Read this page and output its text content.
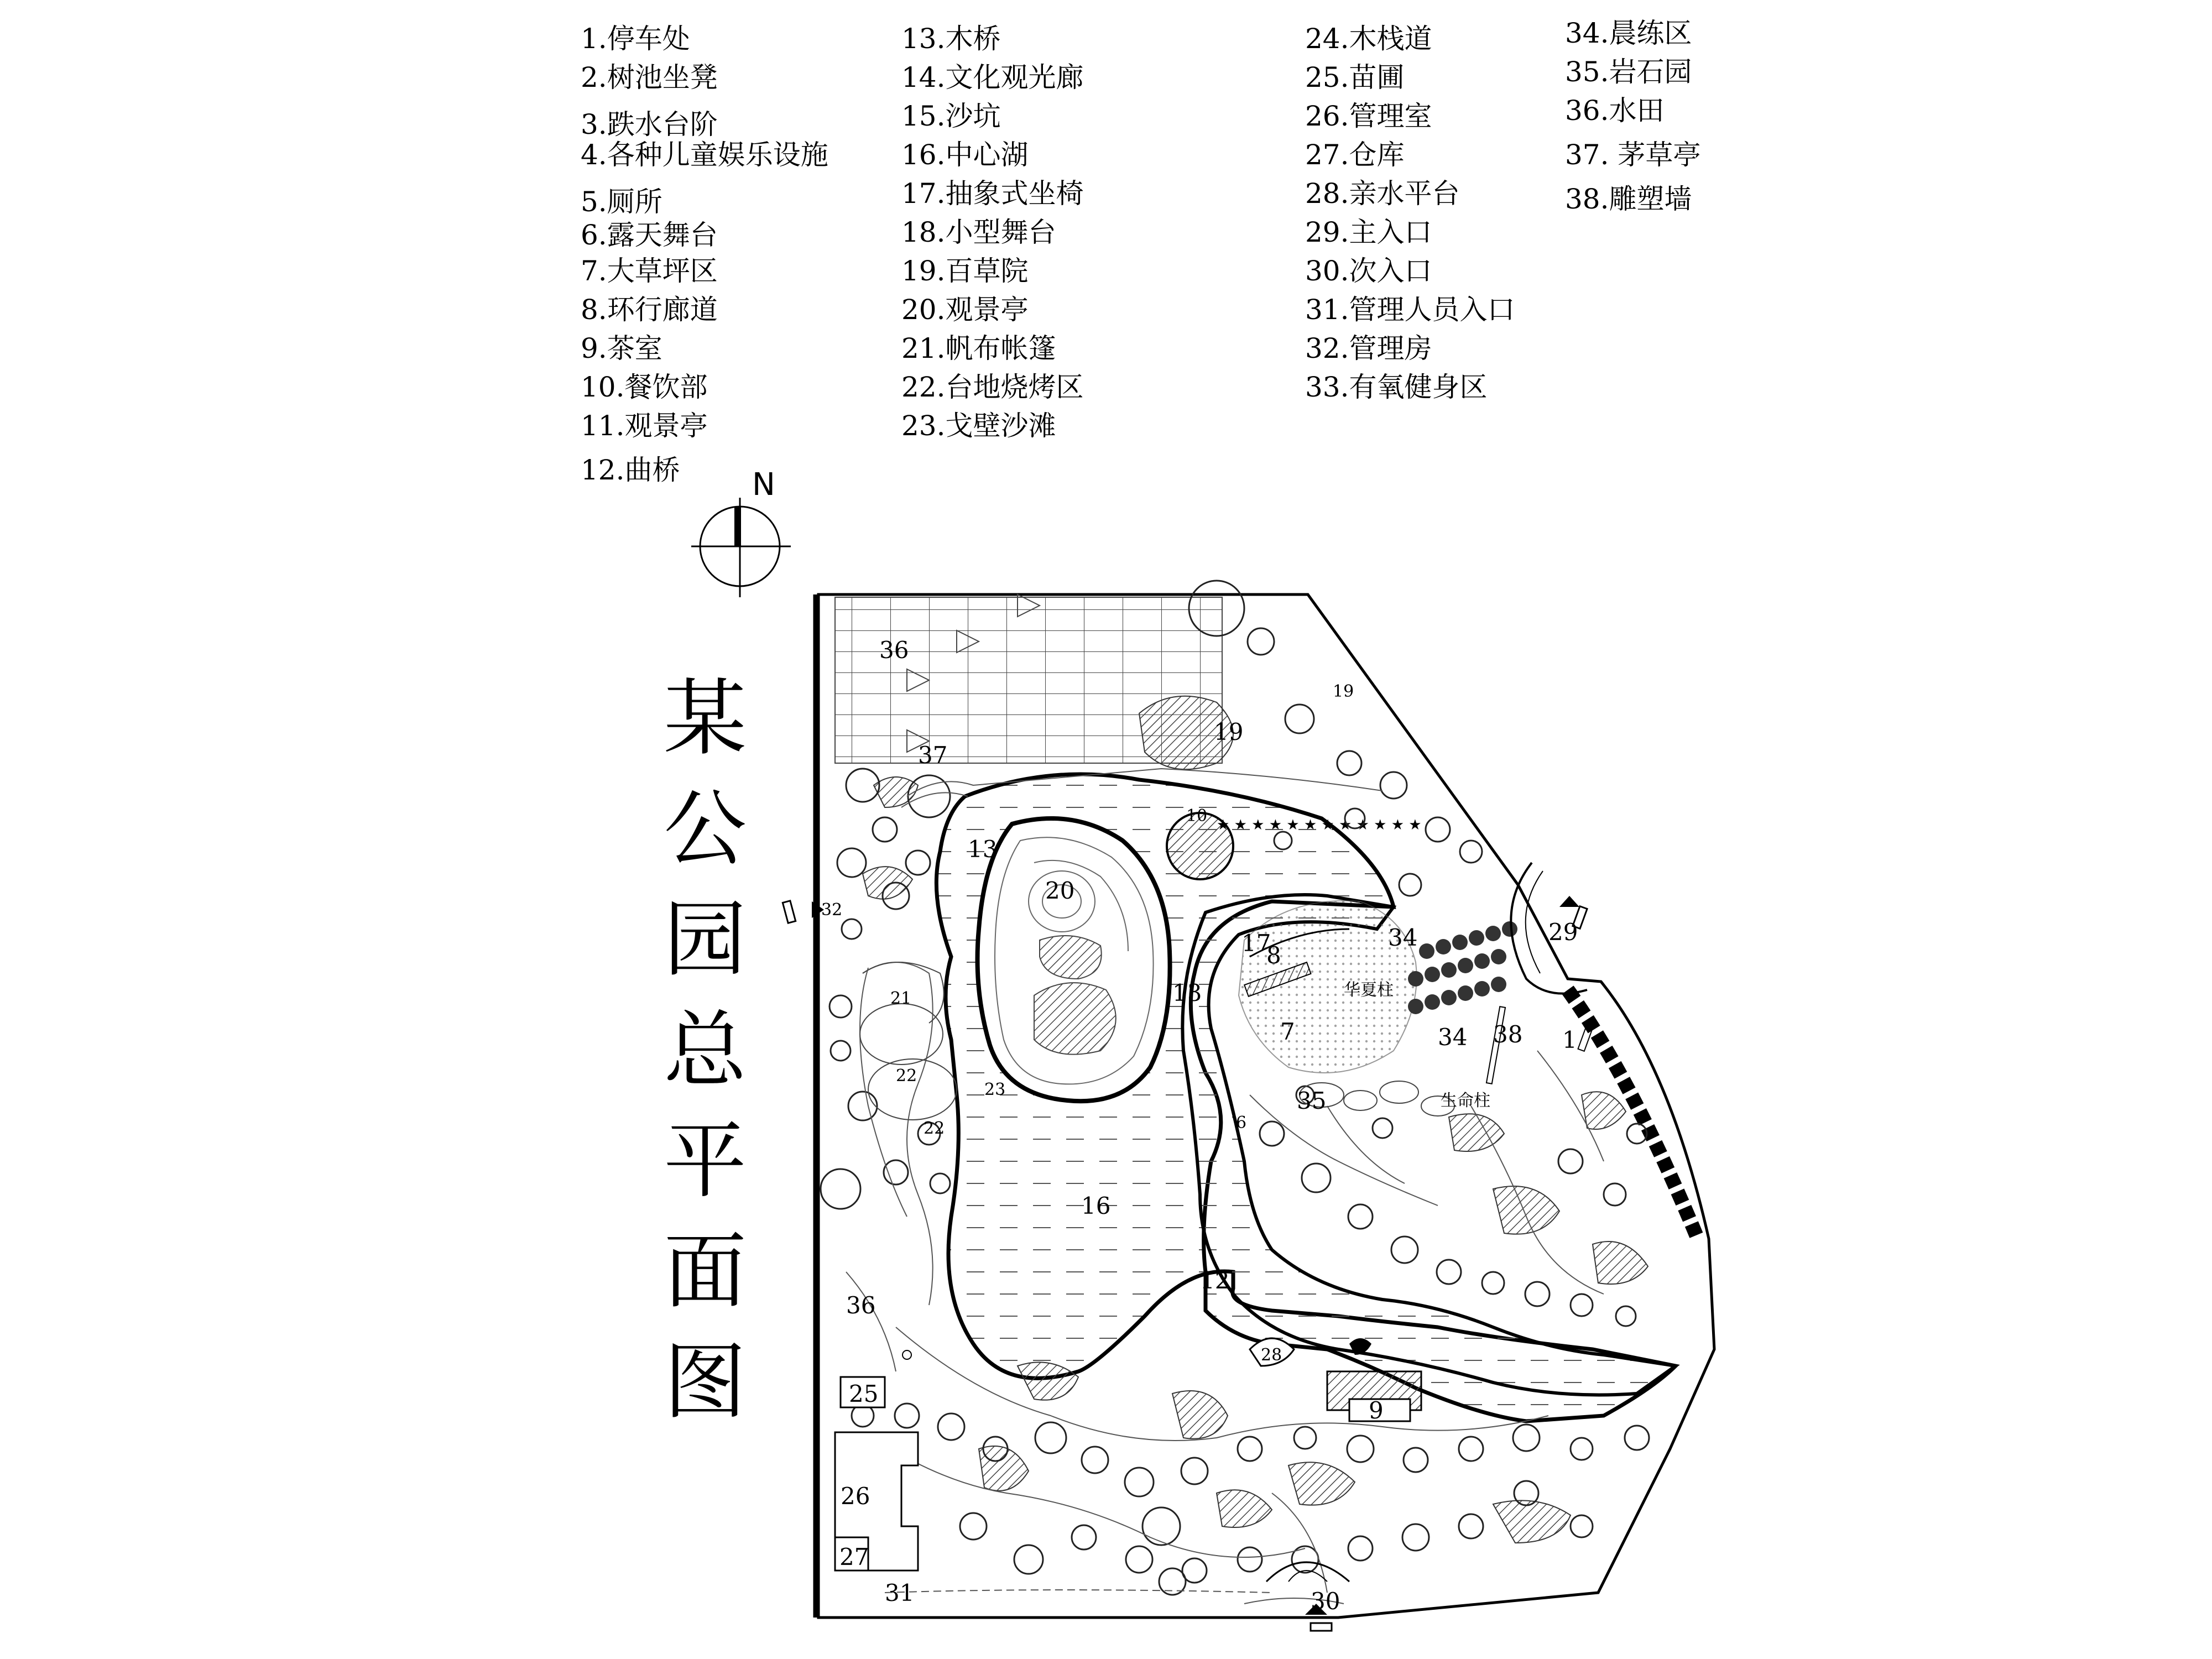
1.停车处
2.树池坐凳
3.跌水台阶
4.各种儿童娱乐设施
5.厕所
6.露天舞台
7.大草坪区
8.环行廊道
9.茶室
10.餐饮部
11.观景亭
12.曲桥
13.木桥
14.文化观光廊
15.沙坑
16.中心湖
17.抽象式坐椅
18.小型舞台
19.百草院
20.观景亭
21.帆布帐篷
22.台地烧烤区
23.戈壁沙滩
24.木栈道
25.苗圃
26.管理室
27.仓库
28.亲水平台
29.主入口
30.次入口
31.管理人员入口
32.管理房
33.有氧健身区
34.晨练区
35.岩石园
36.水田
37. 茅草亭
38.雕塑墙
某
公
园
总
平
面
图
N
★ ★ ★ ★ ★ ★ ★ ★ ★ ★ ★ ★
36
37
19
20
19
10
13
13
17
8
34	29
1
7	34 38
35
16
21
22
22
36
12
28
9
25
26
27
31	30
6
23
32
华夏柱
生命柱
